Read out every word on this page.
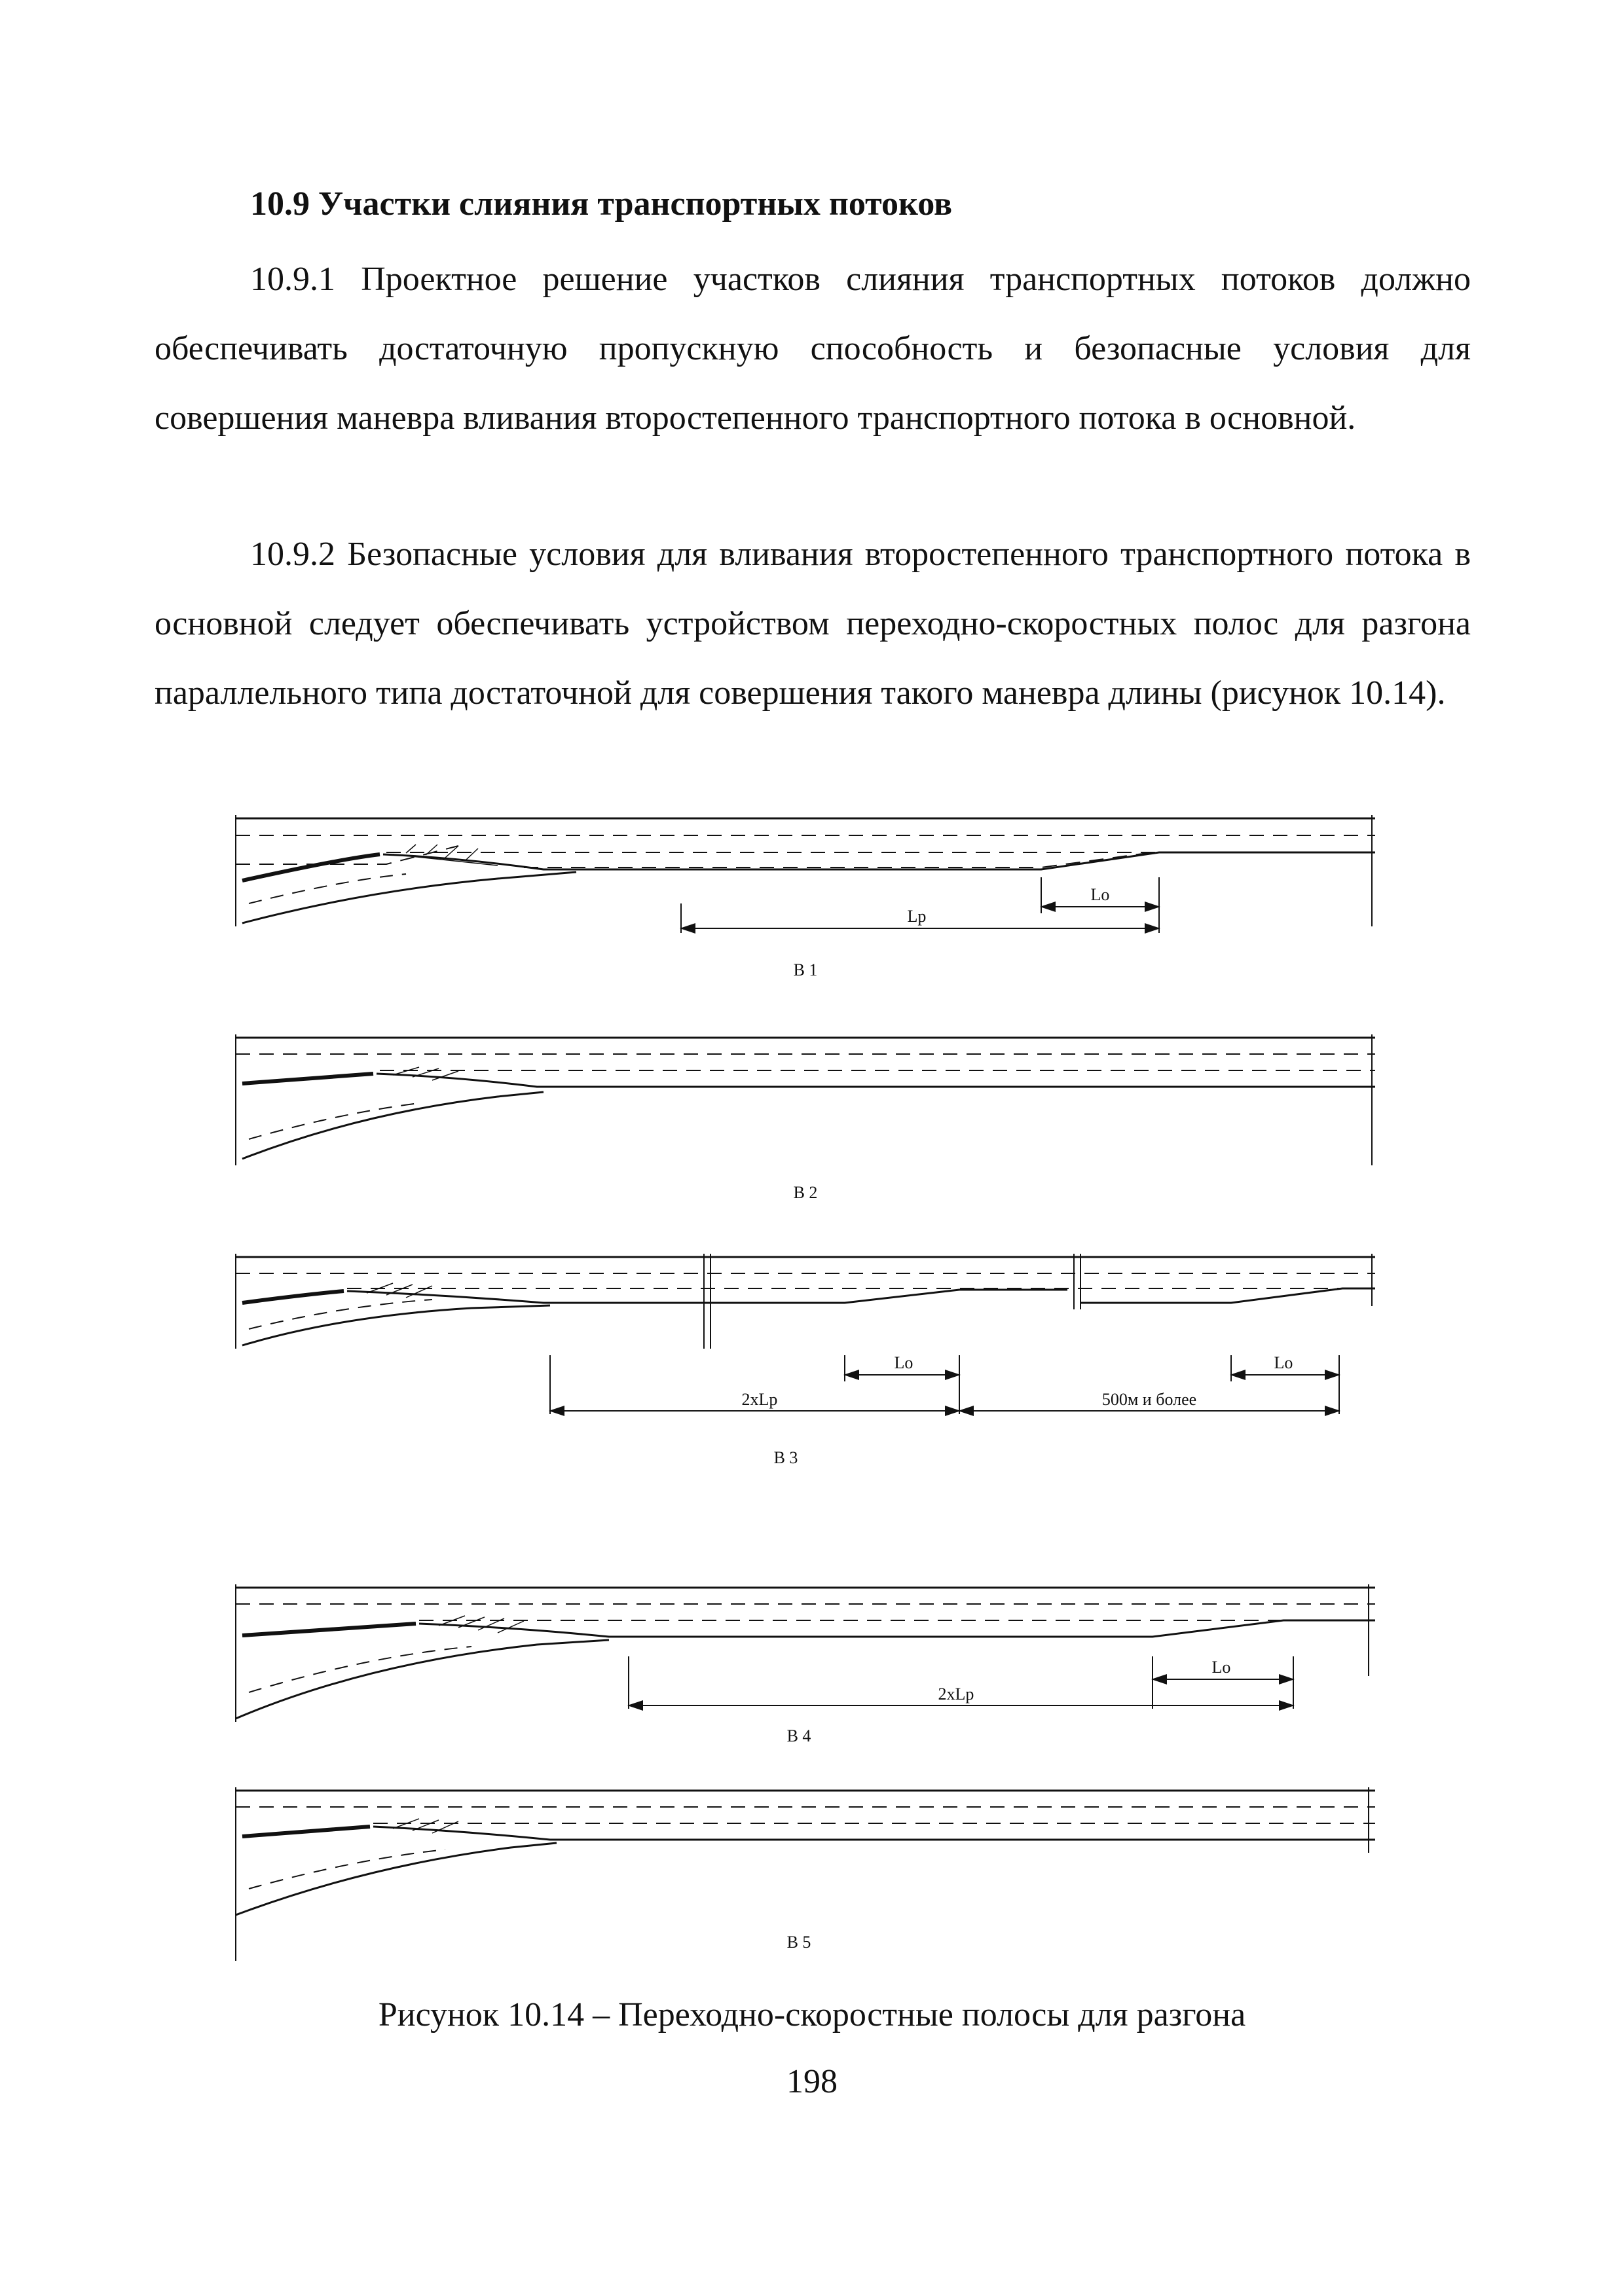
10.9 Участки слияния транспортных потоков

10.9.1 Проектное решение участков слияния транспортных потоков должно обеспечивать достаточную пропускную способность и безопасные условия для совершения маневра вливания второстепенного транспортного потока в основной.

10.9.2 Безопасные условия для вливания второстепенного транспортного потока в основной следует обеспечивать устройством переходно-скоростных полос для разгона параллельного типа достаточной для совершения такого маневра длины (рисунок 10.14).

Lo
Lp
В 1
В 2
Lo	Lo
2xLp	500м и более
В 3
Lo
2xLp
В 4
В 5

Рисунок 10.14 – Переходно-скоростные полосы для разгона

198
